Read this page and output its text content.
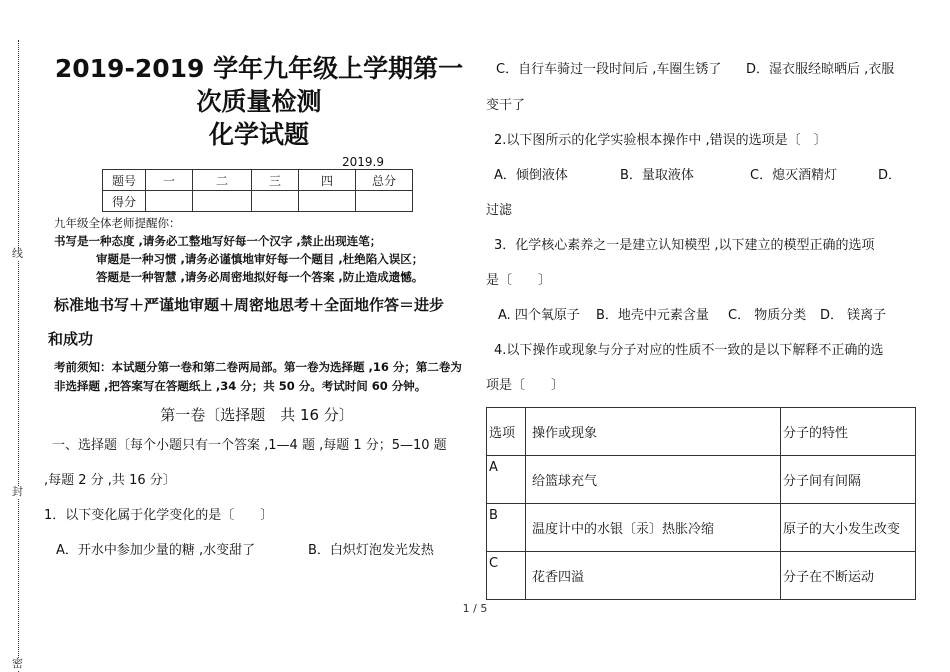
线
封
密
2019-2019 学年九年级上学期第一
次质量检测
化学试题
2019.9
题号	一	二	三	四	总分
得分					
九年级全体老师提醒你：
书写是一种态度 ,请务必工整地写好每一个汉字 ,禁止出现连笔；
审题是一种习惯 ,请务必谨慎地审好每一个题目 ,杜绝陷入误区；
答题是一种智慧 ,请务必周密地拟好每一个答案 ,防止造成遗憾。
标准地书写＋严谨地审题＋周密地思考＋全面地作答＝进步
和成功
考前须知：本试题分第一卷和第二卷两局部。第一卷为选择题 ,16 分；第二卷为非选择题 ,把答案写在答题纸上 ,34 分；共 50 分。考试时间 60 分钟。
第一卷〔选择题　共 16 分〕
一、选择题〔每个小题只有一个答案 ,1—4 题 ,每题 1 分；5—10 题
,每题 2 分 ,共 16 分〕
1．以下变化属于化学变化的是〔　　〕
A．开水中参加少量的糖 ,水变甜了	B．白炽灯泡发光发热
C．自行车骑过一段时间后 ,车圈生锈了	D．湿衣服经晾晒后 ,衣服
变干了
2.以下图所示的化学实验根本操作中 ,错误的选项是〔　〕
A．倾倒液体	B．量取液体	C．熄灭酒精灯	D．
过滤
3．化学核心素养之一是建立认知模型 ,以下建立的模型正确的选项
是〔　　〕
A. 四个氧原子	B．地壳中元素含量	C． 物质分类	D． 镁离子
4.以下操作或现象与分子对应的性质不一致的是以下解释不正确的选
项是〔　　〕
选项	操作或现象	分子的特性
A	给篮球充气	分子间有间隔
B	温度计中的水银〔汞〕热胀冷缩	原子的大小发生改变
C	花香四溢	分子在不断运动
1 / 5
